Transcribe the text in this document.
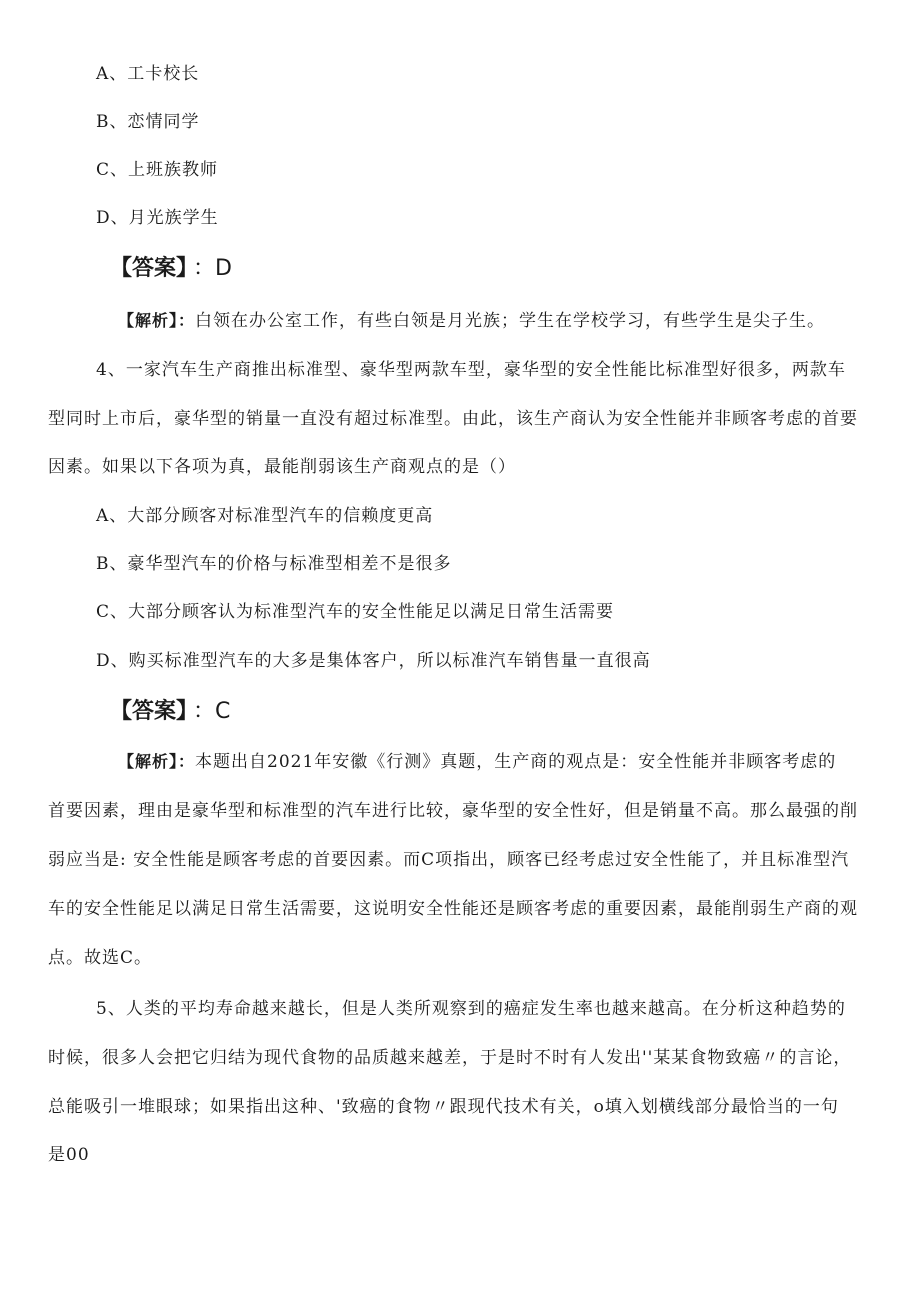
A、工卡校长
B、恋情同学
C、上班族教师
D、月光族学生
【答案】 ：D
【解析】：白领在办公室工作，有些白领是月光族；学生在学校学习，有些学生是尖子生。
4、一家汽车生产商推出标准型、豪华型两款车型，豪华型的安全性能比标准型好很多，两款车
型同时上市后，豪华型的销量一直没有超过标准型。由此，该生产商认为安全性能并非顾客考虑的首要
因素。如果以下各项为真，最能削弱该生产商观点的是（）
A、大部分顾客对标准型汽车的信赖度更高
B、豪华型汽车的价格与标准型相差不是很多
C、大部分顾客认为标准型汽车的安全性能足以满足日常生活需要
D、购买标准型汽车的大多是集体客户，所以标准汽车销售量一直很高
【答案】 ：C
【解析】：本题出自2021年安徽《行测》真题，生产商的观点是：安全性能并非顾客考虑的
首要因素，理由是豪华型和标准型的汽车进行比较，豪华型的安全性好，但是销量不高。那么最强的削
弱应当是: 安全性能是顾客考虑的首要因素。而C项指出，顾客已经考虑过安全性能了，并且标准型汽
车的安全性能足以满足日常生活需要，这说明安全性能还是顾客考虑的重要因素，最能削弱生产商的观
点。故选C。
5、人类的平均寿命越来越长，但是人类所观察到的癌症发生率也越来越高。在分析这种趋势的
时候，很多人会把它归结为现代食物的品质越来越差，于是时不时有人发出''某某食物致癌〃的言论，
总能吸引一堆眼球；如果指出这种、'致癌的食物〃跟现代技术有关，o填入划横线部分最恰当的一句
是00
